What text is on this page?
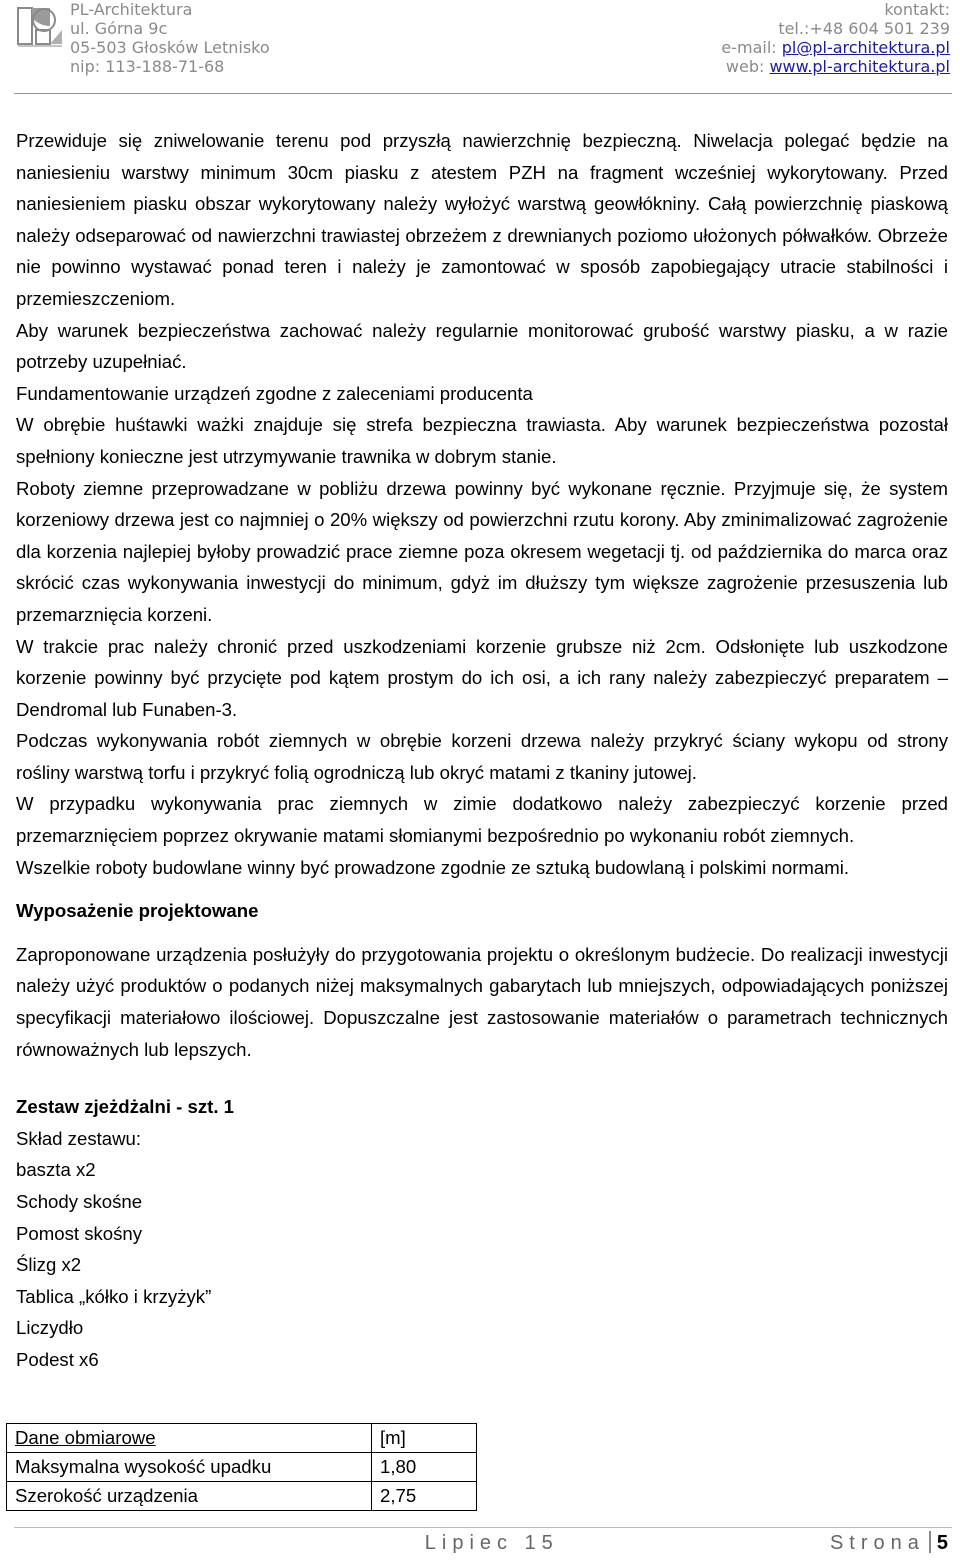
PL-Architektura
ul. Górna 9c
05-503 Głosków Letnisko
nip: 113-188-71-68
kontakt:
tel.:+48 604 501 239
e-mail: pl@pl-architektura.pl
web: www.pl-architektura.pl

Przewiduje się zniwelowanie terenu pod przyszłą nawierzchnię bezpieczną. Niwelacja polegać będzie na naniesieniu warstwy minimum 30cm piasku z atestem PZH na fragment wcześniej wykorytowany. Przed naniesieniem piasku obszar wykorytowany należy wyłożyć warstwą geowłókniny. Całą powierzchnię piaskową należy odseparować od nawierzchni trawiastej obrzeżem z drewnianych poziomo ułożonych półwałków. Obrzeże nie powinno wystawać ponad teren i należy je zamontować w sposób zapobiegający utracie stabilności i przemieszczeniom.

Aby warunek bezpieczeństwa zachować należy regularnie monitorować grubość warstwy piasku, a w razie potrzeby uzupełniać.

Fundamentowanie urządzeń zgodne z zaleceniami producenta

W obrębie huśtawki ważki znajduje się strefa bezpieczna trawiasta. Aby warunek bezpieczeństwa pozostał spełniony konieczne jest utrzymywanie trawnika w dobrym stanie.

Roboty ziemne przeprowadzane w pobliżu drzewa powinny być wykonane ręcznie. Przyjmuje się, że system korzeniowy drzewa jest co najmniej o 20% większy od powierzchni rzutu korony. Aby zminimalizować zagrożenie dla korzenia najlepiej byłoby prowadzić prace ziemne poza okresem wegetacji tj. od października do marca oraz skrócić czas wykonywania inwestycji do minimum, gdyż im dłuższy tym większe zagrożenie przesuszenia lub przemarznięcia korzeni.

W trakcie prac należy chronić przed uszkodzeniami korzenie grubsze niż 2cm. Odsłonięte lub uszkodzone korzenie powinny być przycięte pod kątem prostym do ich osi, a ich rany należy zabezpieczyć preparatem – Dendromal lub Funaben-3.

Podczas wykonywania robót ziemnych w obrębie korzeni drzewa należy przykryć ściany wykopu od strony rośliny warstwą torfu i przykryć folią ogrodniczą lub okryć matami z tkaniny jutowej.

W przypadku wykonywania prac ziemnych w zimie dodatkowo należy zabezpieczyć korzenie przed przemarznięciem poprzez okrywanie matami słomianymi bezpośrednio po wykonaniu robót ziemnych.

Wszelkie roboty budowlane winny być prowadzone zgodnie ze sztuką budowlaną i polskimi normami.

Wyposażenie projektowane

Zaproponowane urządzenia posłużyły do przygotowania projektu o określonym budżecie. Do realizacji inwestycji należy użyć produktów o podanych niżej maksymalnych gabarytach lub mniejszych, odpowiadających poniższej specyfikacji materiałowo ilościowej. Dopuszczalne jest zastosowanie materiałów o parametrach technicznych równoważnych lub lepszych.

Zestaw zjeżdżalni - szt. 1

Skład zestawu:

baszta x2

Schody skośne

Pomost skośny

Ślizg x2

Tablica „kółko i krzyżyk”

Liczydło

Podest x6

Dane obmiarowe	[m]
Maksymalna wysokość upadku	1,80
Szerokość urządzenia	2,75
Lipiec 15	Strona 5
